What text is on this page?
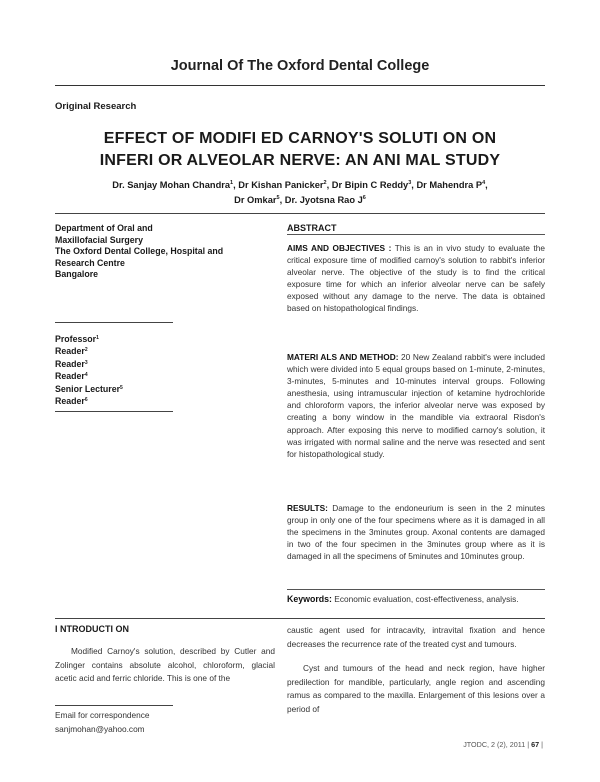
Journal Of The Oxford Dental College
Original Research
EFFECT OF MODIFI ED CARNOY'S SOLUTI ON ON
INFERI OR ALVEOLAR NERVE: AN ANI MAL STUDY
Dr. Sanjay Mohan Chandra$^1$, Dr Kishan Panicker$^2$, Dr Bipin C Reddy$^3$, Dr Mahendra $P^4$,
Dr Omkar$^5$, Dr. Jyotsna Rao $J^6$
Department of Oral and
Maxillofacial Surgery
The Oxford Dental College, Hospital and
Research Centre
Bangalore
Professor$^1$
Reader$^2$
Reader$^3$
Reader$^4$
Senior Lecturer$^5$
Reader$^6$
ABSTRACT
AIMS AND OBJECTIVES : This is an in vivo study to evaluate the critical exposure time of modified carnoy's solution to rabbit's inferior alveolar nerve. The objective of the study is to find the critical exposure time for which an inferior alveolar nerve can be safely exposed without any damage to the nerve. The data is obtained based on histopathological findings.
MATERI ALS AND METHOD: 20 New Zealand rabbit's were included which were divided into 5 equal groups based on 1-minute, 2-minutes, 3-minutes, 5-minutes and 10-minutes interval groups. Following anesthesia, using intramuscular injection of ketamine hydrochloride and chloroform vapors, the inferior alveolar nerve was exposed by creating a bony window in the mandible via extraoral Risdon's approach. After exposing this nerve to modified carnoy's solution, it was irrigated with normal saline and the nerve was resected and sent for histopathological study.
RESULTS: Damage to the endoneurium is seen in the 2 minutes group in only one of the four specimens where as it is damaged in all the specimens in the 3minutes group. Axonal contents are damaged in two of the four specimen in the 3minutes group where as it is damaged in all the specimens of 5minutes and 10minutes group.
Keywords: Economic evaluation, cost-effectiveness, analysis.
I NTRODUCTI ON

Modified Carnoy's solution, described by Cutler and Zolinger contains absolute alcohol, chloroform, glacial acetic acid and ferric chloride. This is one of the

caustic agent used for intracavity, intravital fixation and hence decreases the recurrence rate of the treated cyst and tumours.

Cyst and tumours of the head and neck region, have higher predilection for mandible, particularly, angle region and ascending ramus as compared to the maxilla. Enlargement of this lesions over a period of

Email for correspondence
sanjmohan@yahoo.com
JTODC, 2 (2), 2011 | 67 |
